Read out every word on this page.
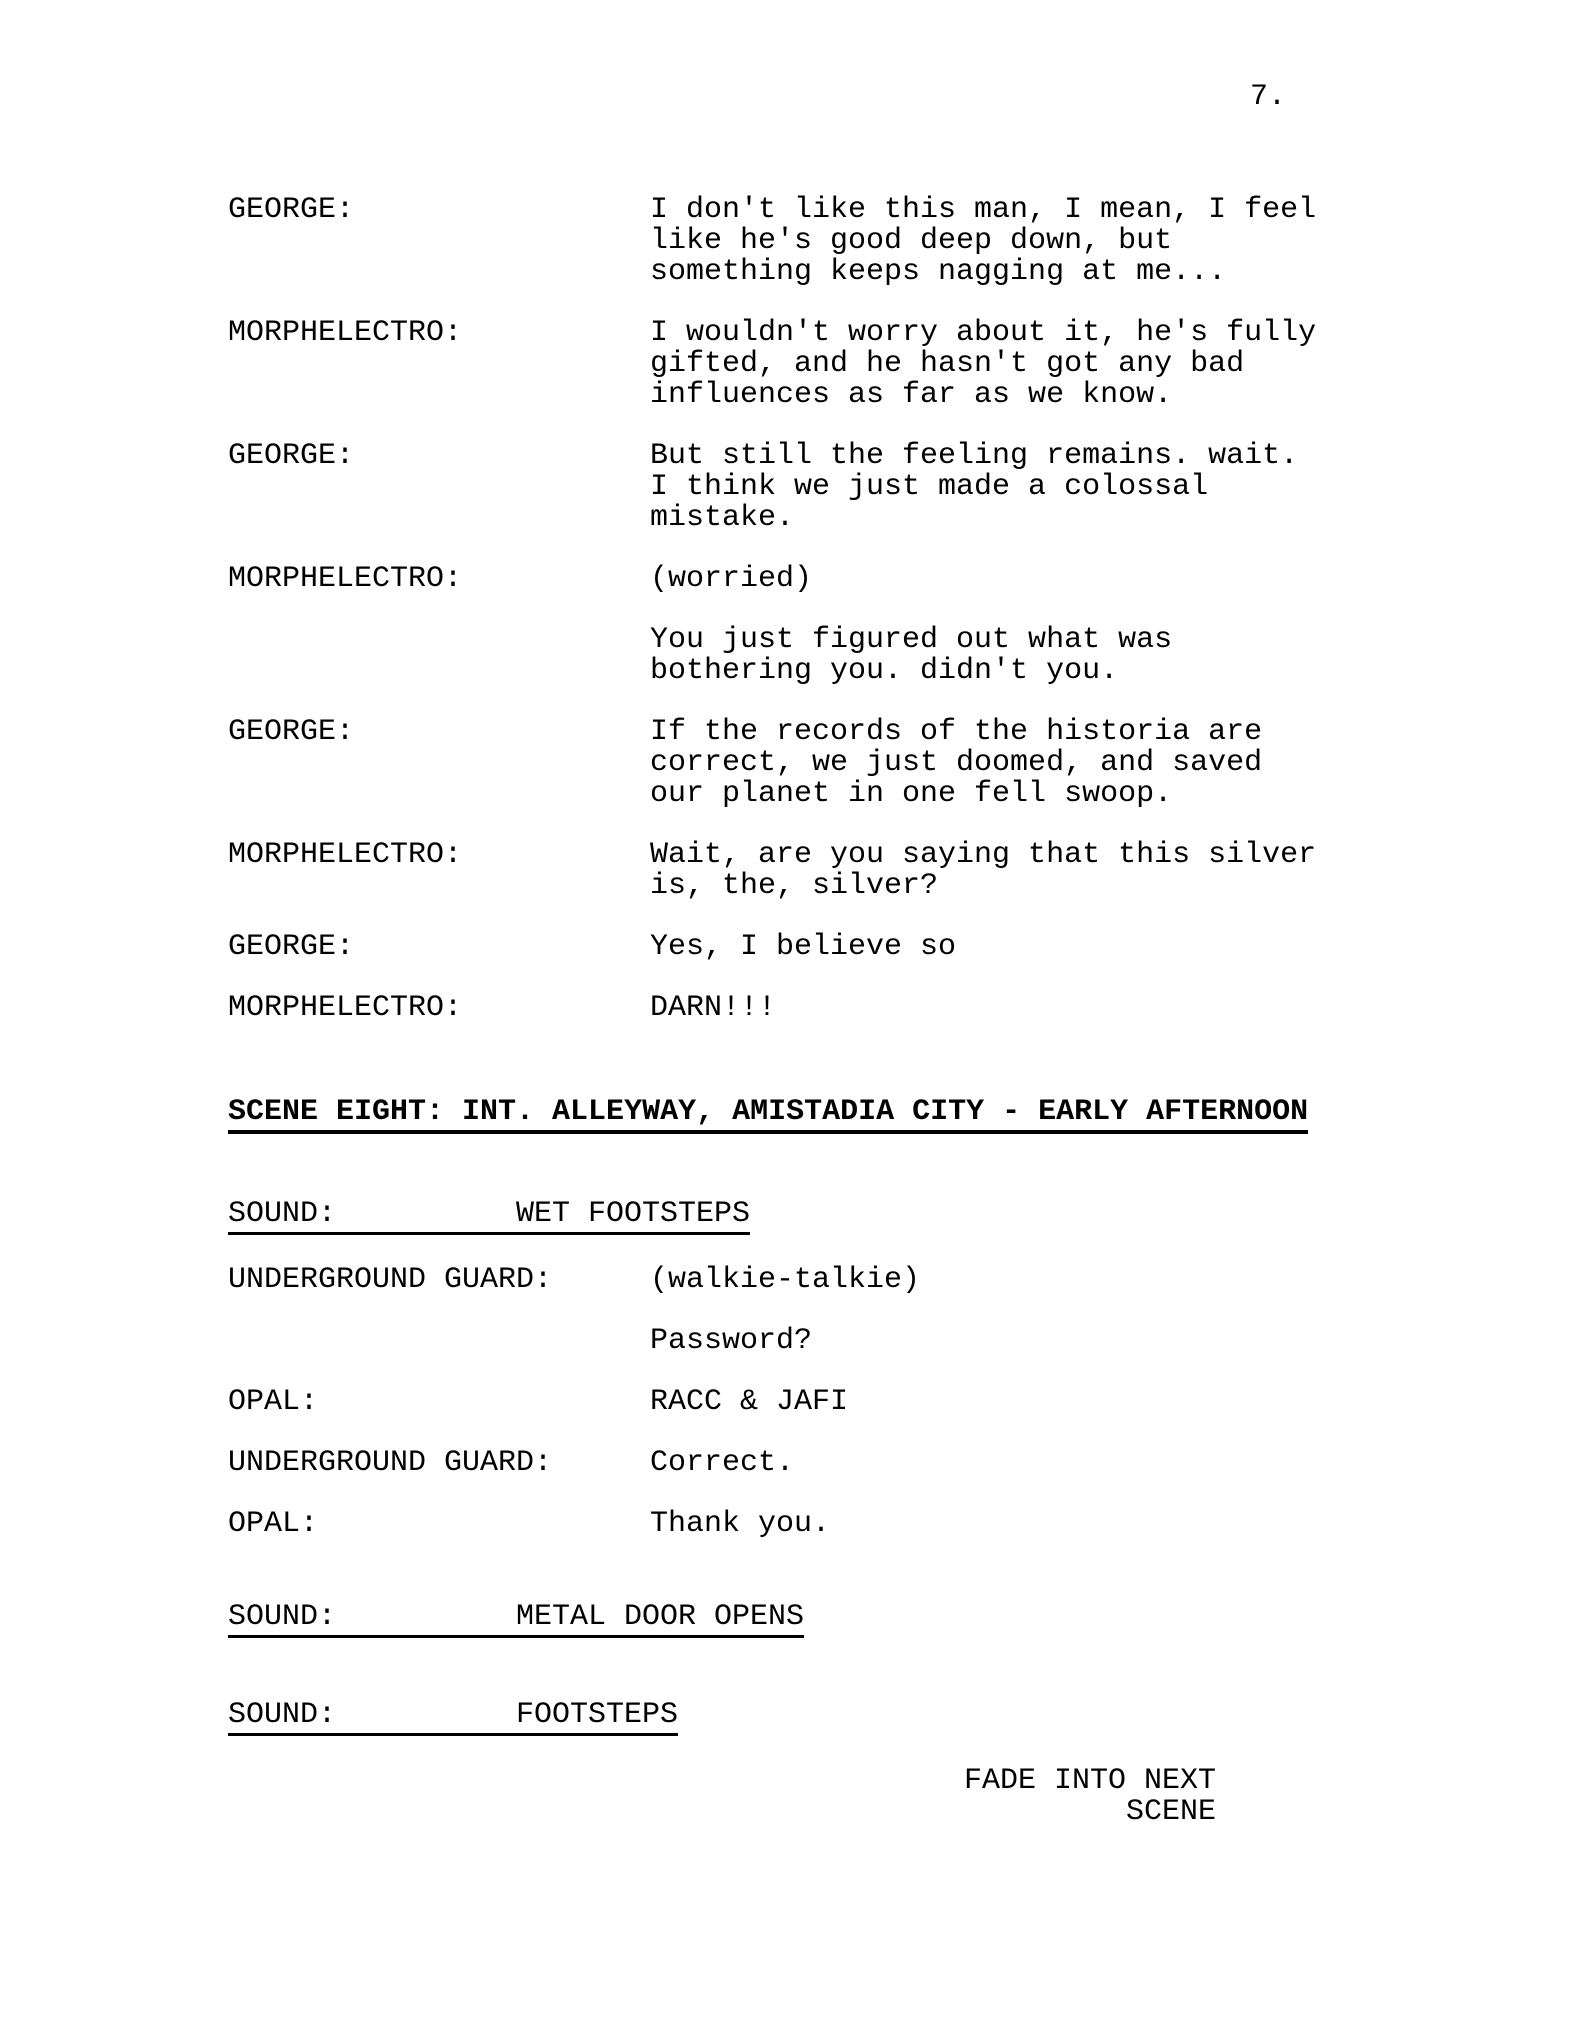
7.
GEORGE:	I don't like this man, I mean, I feel
like he's good deep down, but
something keeps nagging at me...
MORPHELECTRO:	I wouldn't worry about it, he's fully
gifted, and he hasn't got any bad
influences as far as we know.
GEORGE:	But still the feeling remains. wait.
I think we just made a colossal
mistake.
MORPHELECTRO:	(worried)
You just figured out what was
bothering you. didn't you.
GEORGE:	If the records of the historia are
correct, we just doomed, and saved
our planet in one fell swoop.
MORPHELECTRO:	Wait, are you saying that this silver
is, the, silver?
GEORGE:	Yes, I believe so
MORPHELECTRO:	DARN!!!
SCENE EIGHT: INT. ALLEYWAY, AMISTADIA CITY - EARLY AFTERNOON
SOUND:	WET FOOTSTEPS
UNDERGROUND GUARD:	(walkie-talkie)
Password?
OPAL:	RACC & JAFI
UNDERGROUND GUARD:	Correct.
OPAL:	Thank you.
SOUND:	METAL DOOR OPENS
SOUND:	FOOTSTEPS
FADE INTO NEXT
SCENE
